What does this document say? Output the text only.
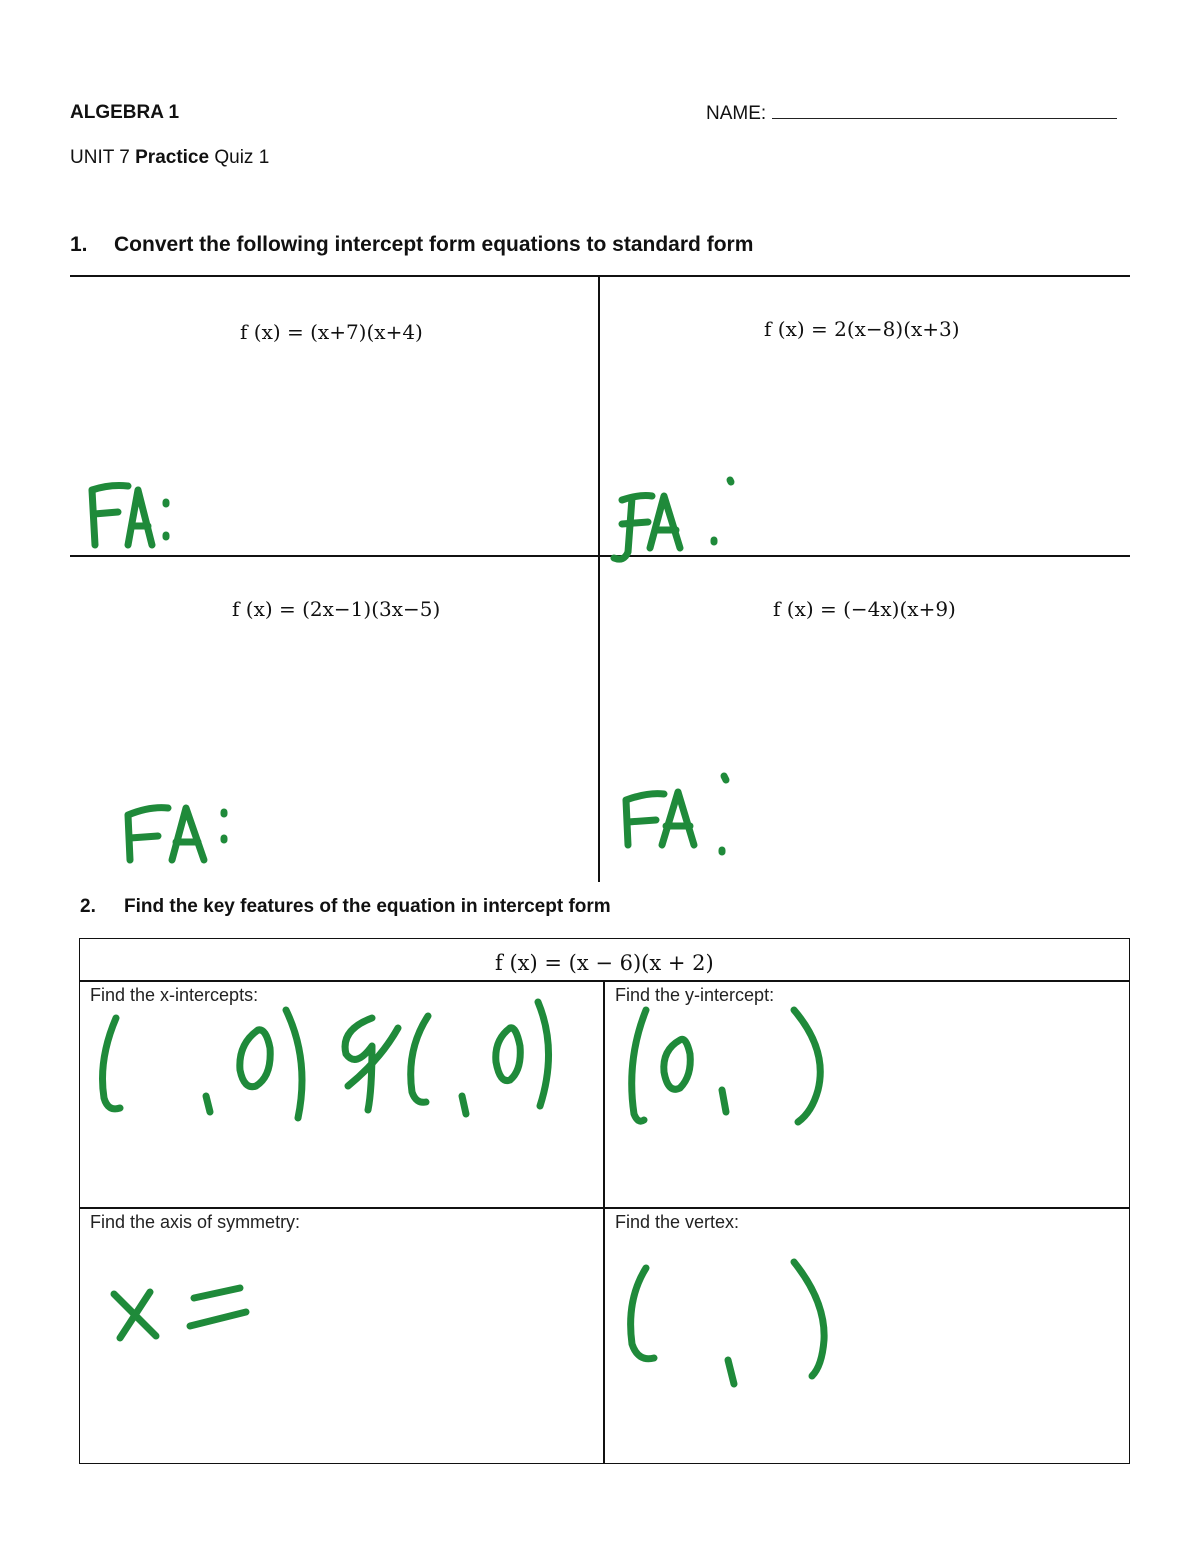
ALGEBRA 1	NAME:
UNIT 7 Practice Quiz 1
1. Convert the following intercept form equations to standard form
f (x) = (x+7)(x+4)	f (x) = 2(x−8)(x+3)
f (x) = (2x−1)(3x−5)	f (x) = (−4x)(x+9)
2. Find the key features of the equation in intercept form
f (x) = (x − 6)(x + 2)
Find the x-intercepts:	Find the y-intercept:
Find the axis of symmetry:	Find the vertex:
